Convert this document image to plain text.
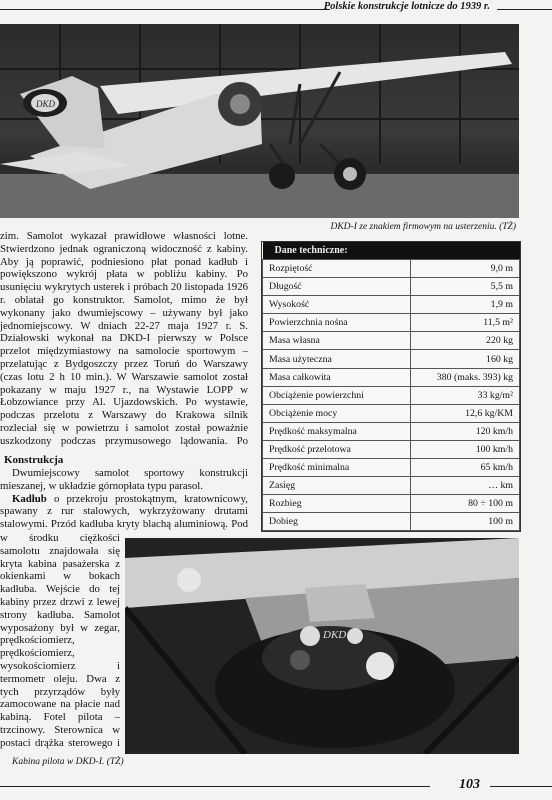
Polskie konstrukcje lotnicze do 1939 r.
DKD
DKD-I ze znakiem firmowym na usterzeniu. (TŻ)

zim. Samolot wykazał prawidłowe własności lotne. Stwierdzono jednak ograniczoną widoczność z kabiny. Aby ją poprawić, podniesiono płat ponad kadłub i powiększono wykrój płata w pobliżu kabiny. Po usunięciu wykrytych usterek i próbach 20 listopada 1926 r. oblatał go konstruktor. Samolot, mimo że był wykonany jako dwumiejscowy – używany był jako jednomiejscowy. W dniach 22-27 maja 1927 r. S. Działowski wykonał na DKD-I pierwszy w Polsce przelot międzymiastowy na samolocie sportowym – przelatując z Bydgoszczy przez Toruń do Warszawy (czas lotu 2 h 10 min.). W Warszawie samolot został pokazany w maju 1927 r., na Wystawie LOPP w Łobzowiance przy Al. Ujazdowskich. Po wystawie, podczas przelotu z Warszawy do Krakowa silnik rozleciał się w powietrzu i samolot został poważnie uszkodzony podczas przymusowego lądowania. Po

Konstrukcja

Dwumiejscowy samolot sportowy konstrukcji mieszanej, w układzie górnopłata typu parasol.

Kadłub o przekroju prostokątnym, kratownicowy, spawany z rur stalowych, wykrzyżowany drutami stalowymi. Przód kadłuba kryty blachą aluminiową. Pod

w środku ciężkości samolotu znajdowała się kryta kabina pasażerska z okienkami w bokach kadłuba. Wejście do tej kabiny przez drzwi z lewej strony kadłuba. Samolot wyposażony był w zegar, prędkościomierz, prędkościomierz, wysokościomierz i termometr oleju. Dwa z tych przyrządów były zamocowane na płacie nad kabiną. Fotel pilota – trzcinowy. Sterownica w postaci drążka sterowego i

Dane techniczne:	
Rozpiętość	9,0 m
Długość	5,5 m
Wysokość	1,9 m
Powierzchnia nośna	11,5 m²
Masa własna	220 kg
Masa użyteczna	160 kg
Masa całkowita	380 (maks. 393) kg
Obciążenie powierzchni	33 kg/m²
Obciążenie mocy	12,6 kg/KM
Prędkość maksymalna	120 km/h
Prędkość przelotowa	100 km/h
Prędkość minimalna	65 km/h
Zasięg	… km
Rozbieg	80 ÷ 100 m
Dobieg	100 m
DKD
Kabina pilota w DKD-I. (TŻ)
103
